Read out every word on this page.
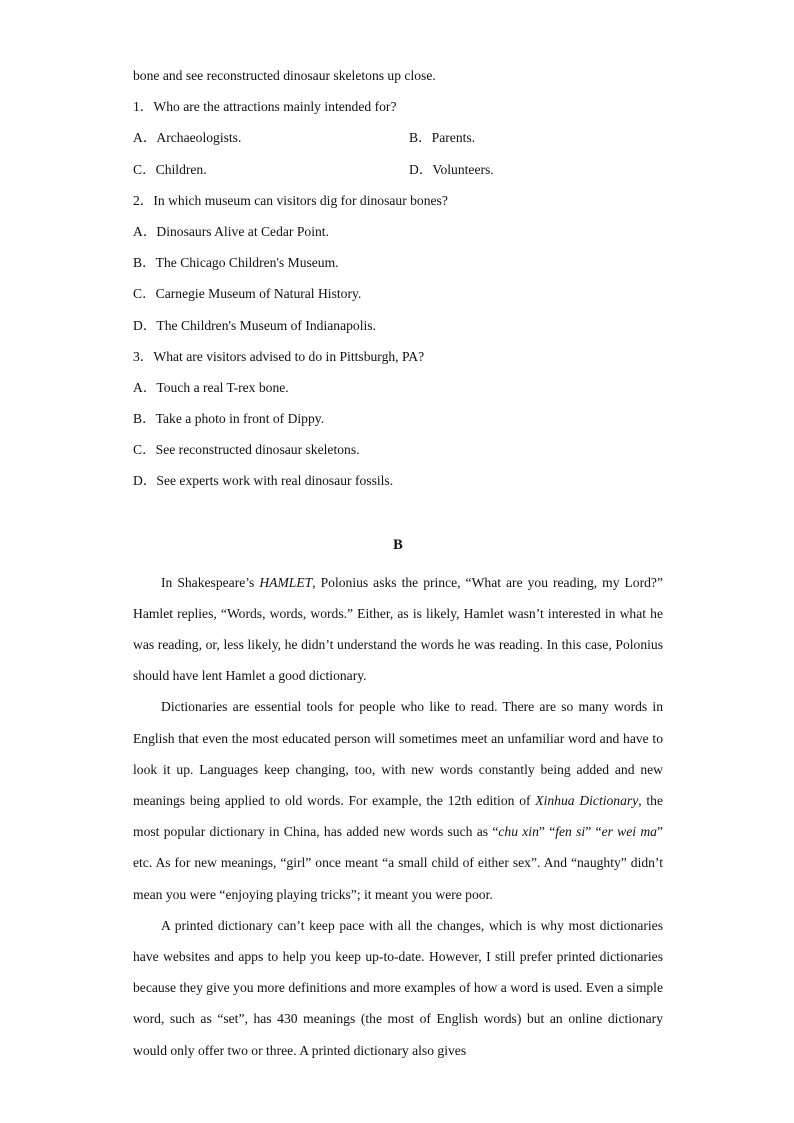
bone and see reconstructed dinosaur skeletons up close.
1．Who are the attractions mainly intended for?
A．Archaeologists.	B．Parents.
C．Children.	D．Volunteers.
2．In which museum can visitors dig for dinosaur bones?
A．Dinosaurs Alive at Cedar Point.
B．The Chicago Children's Museum.
C．Carnegie Museum of Natural History.
D．The Children's Museum of Indianapolis.
3．What are visitors advised to do in Pittsburgh, PA?
A．Touch a real T-rex bone.
B．Take a photo in front of Dippy.
C．See reconstructed dinosaur skeletons.
D．See experts work with real dinosaur fossils.
B

In Shakespeare’s HAMLET, Polonius asks the prince, “What are you reading, my Lord?” Hamlet replies, “Words, words, words.” Either, as is likely, Hamlet wasn’t interested in what he was reading, or, less likely, he didn’t understand the words he was reading. In this case, Polonius should have lent Hamlet a good dictionary.

Dictionaries are essential tools for people who like to read. There are so many words in English that even the most educated person will sometimes meet an unfamiliar word and have to look it up. Languages keep changing, too, with new words constantly being added and new meanings being applied to old words. For example, the 12th edition of Xinhua Dictionary, the most popular dictionary in China, has added new words such as “chu xin” “fen si” “er wei ma” etc. As for new meanings, “girl” once meant “a small child of either sex”. And “naughty” didn’t mean you were “enjoying playing tricks”; it meant you were poor.

A printed dictionary can’t keep pace with all the changes, which is why most dictionaries have websites and apps to help you keep up-to-date. However, I still prefer printed dictionaries because they give you more definitions and more examples of how a word is used. Even a simple word, such as “set”, has 430 meanings (the most of English words) but an online dictionary would only offer two or three. A printed dictionary also gives
